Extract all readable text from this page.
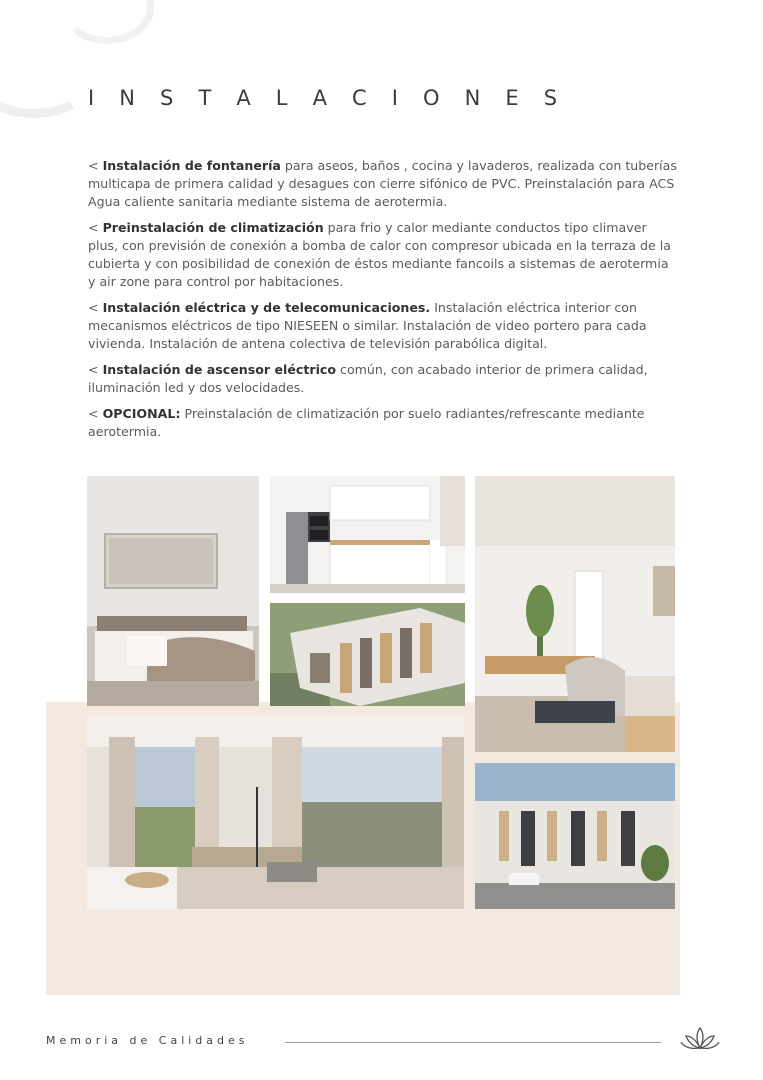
I N S T A L A C I O N E S

< Instalación de fontanería para aseos, baños , cocina y lavaderos, realizada con tuberías multicapa de primera calidad y desagues con cierre sifónico de PVC. Preinstalación para ACS Agua caliente sanitaria mediante sistema de aerotermia.

< Preinstalación de climatización para frio y calor mediante conductos tipo climaver plus, con previsión de conexión a bomba de calor con compresor ubicada en la terraza de la cubierta y con posibilidad de conexión de éstos mediante fancoils a sistemas de aerotermia y air zone para control por habitaciones.

< Instalación eléctrica y de telecomunicaciones. Instalación eléctrica interior con mecanismos eléctricos de tipo NIESEEN o similar. Instalación de video portero para cada vivienda. Instalación de antena colectiva de televisión parabólica digital.

< Instalación de ascensor eléctrico común, con acabado interior de primera calidad, iluminación led y dos velocidades.

< OPCIONAL: Preinstalación de climatización por suelo radiantes/refrescante mediante aerotermia.

Memoria de Calidades
